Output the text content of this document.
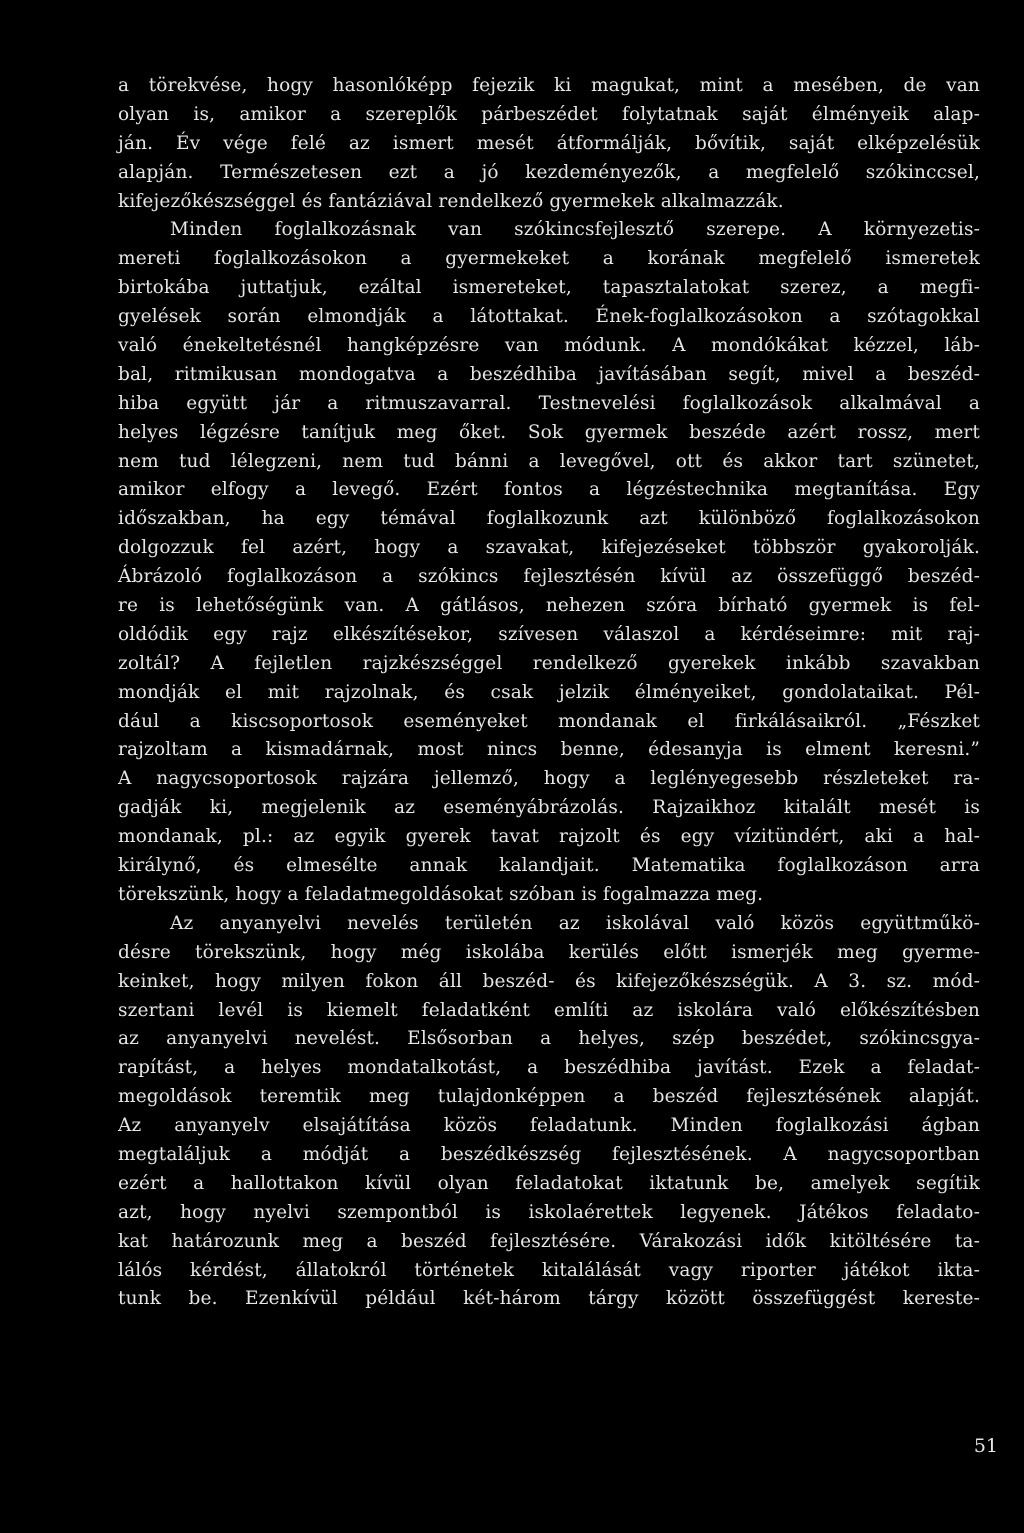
a törekvése, hogy hasonlóképp fejezik ki magukat, mint a mesében, de van
olyan is, amikor a szereplők párbeszédet folytatnak saját élményeik alap-
ján. Év vége felé az ismert mesét átformálják, bővítik, saját elképzelésük
alapján. Természetesen ezt a jó kezdeményezők, a megfelelő szókinccsel,
kifejezőkészséggel és fantáziával rendelkező gyermekek alkalmazzák.
Minden foglalkozásnak van szókincsfejlesztő szerepe. A környezetis-
mereti foglalkozásokon a gyermekeket a korának megfelelő ismeretek
birtokába juttatjuk, ezáltal ismereteket, tapasztalatokat szerez, a megfi-
gyelések során elmondják a látottakat. Ének-foglalkozásokon a szótagokkal
való énekeltetésnél hangképzésre van módunk. A mondókákat kézzel, láb-
bal, ritmikusan mondogatva a beszédhiba javításában segít, mivel a beszéd-
hiba együtt jár a ritmuszavarral. Testnevelési foglalkozások alkalmával a
helyes légzésre tanítjuk meg őket. Sok gyermek beszéde azért rossz, mert
nem tud lélegzeni, nem tud bánni a levegővel, ott és akkor tart szünetet,
amikor elfogy a levegő. Ezért fontos a légzéstechnika megtanítása. Egy
időszakban, ha egy témával foglalkozunk azt különböző foglalkozásokon
dolgozzuk fel azért, hogy a szavakat, kifejezéseket többször gyakorolják.
Ábrázoló foglalkozáson a szókincs fejlesztésén kívül az összefüggő beszéd-
re is lehetőségünk van. A gátlásos, nehezen szóra bírható gyermek is fel-
oldódik egy rajz elkészítésekor, szívesen válaszol a kérdéseimre: mit raj-
zoltál? A fejletlen rajzkészséggel rendelkező gyerekek inkább szavakban
mondják el mit rajzolnak, és csak jelzik élményeiket, gondolataikat. Pél-
dául a kiscsoportosok eseményeket mondanak el firkálásaikról. „Fészket
rajzoltam a kismadárnak, most nincs benne, édesanyja is elment keresni.”
A nagycsoportosok rajzára jellemző, hogy a leglényegesebb részleteket ra-
gadják ki, megjelenik az eseményábrázolás. Rajzaikhoz kitalált mesét is
mondanak, pl.: az egyik gyerek tavat rajzolt és egy vízitündért, aki a hal-
királynő, és elmesélte annak kalandjait. Matematika foglalkozáson arra
törekszünk, hogy a feladatmegoldásokat szóban is fogalmazza meg.
Az anyanyelvi nevelés területén az iskolával való közös együttműkö-
désre törekszünk, hogy még iskolába kerülés előtt ismerjék meg gyerme-
keinket, hogy milyen fokon áll beszéd- és kifejezőkészségük. A 3. sz. mód-
szertani levél is kiemelt feladatként említi az iskolára való előkészítésben
az anyanyelvi nevelést. Elsősorban a helyes, szép beszédet, szókincsgya-
rapítást, a helyes mondatalkotást, a beszédhiba javítást. Ezek a feladat-
megoldások teremtik meg tulajdonképpen a beszéd fejlesztésének alapját.
Az anyanyelv elsajátítása közös feladatunk. Minden foglalkozási ágban
megtaláljuk a módját a beszédkészség fejlesztésének. A nagycsoportban
ezért a hallottakon kívül olyan feladatokat iktatunk be, amelyek segítik
azt, hogy nyelvi szempontból is iskolaérettek legyenek. Játékos feladato-
kat határozunk meg a beszéd fejlesztésére. Várakozási idők kitöltésére ta-
lálós kérdést, állatokról történetek kitalálását vagy riporter játékot ikta-
tunk be. Ezenkívül például két-három tárgy között összefüggést kereste-
51
